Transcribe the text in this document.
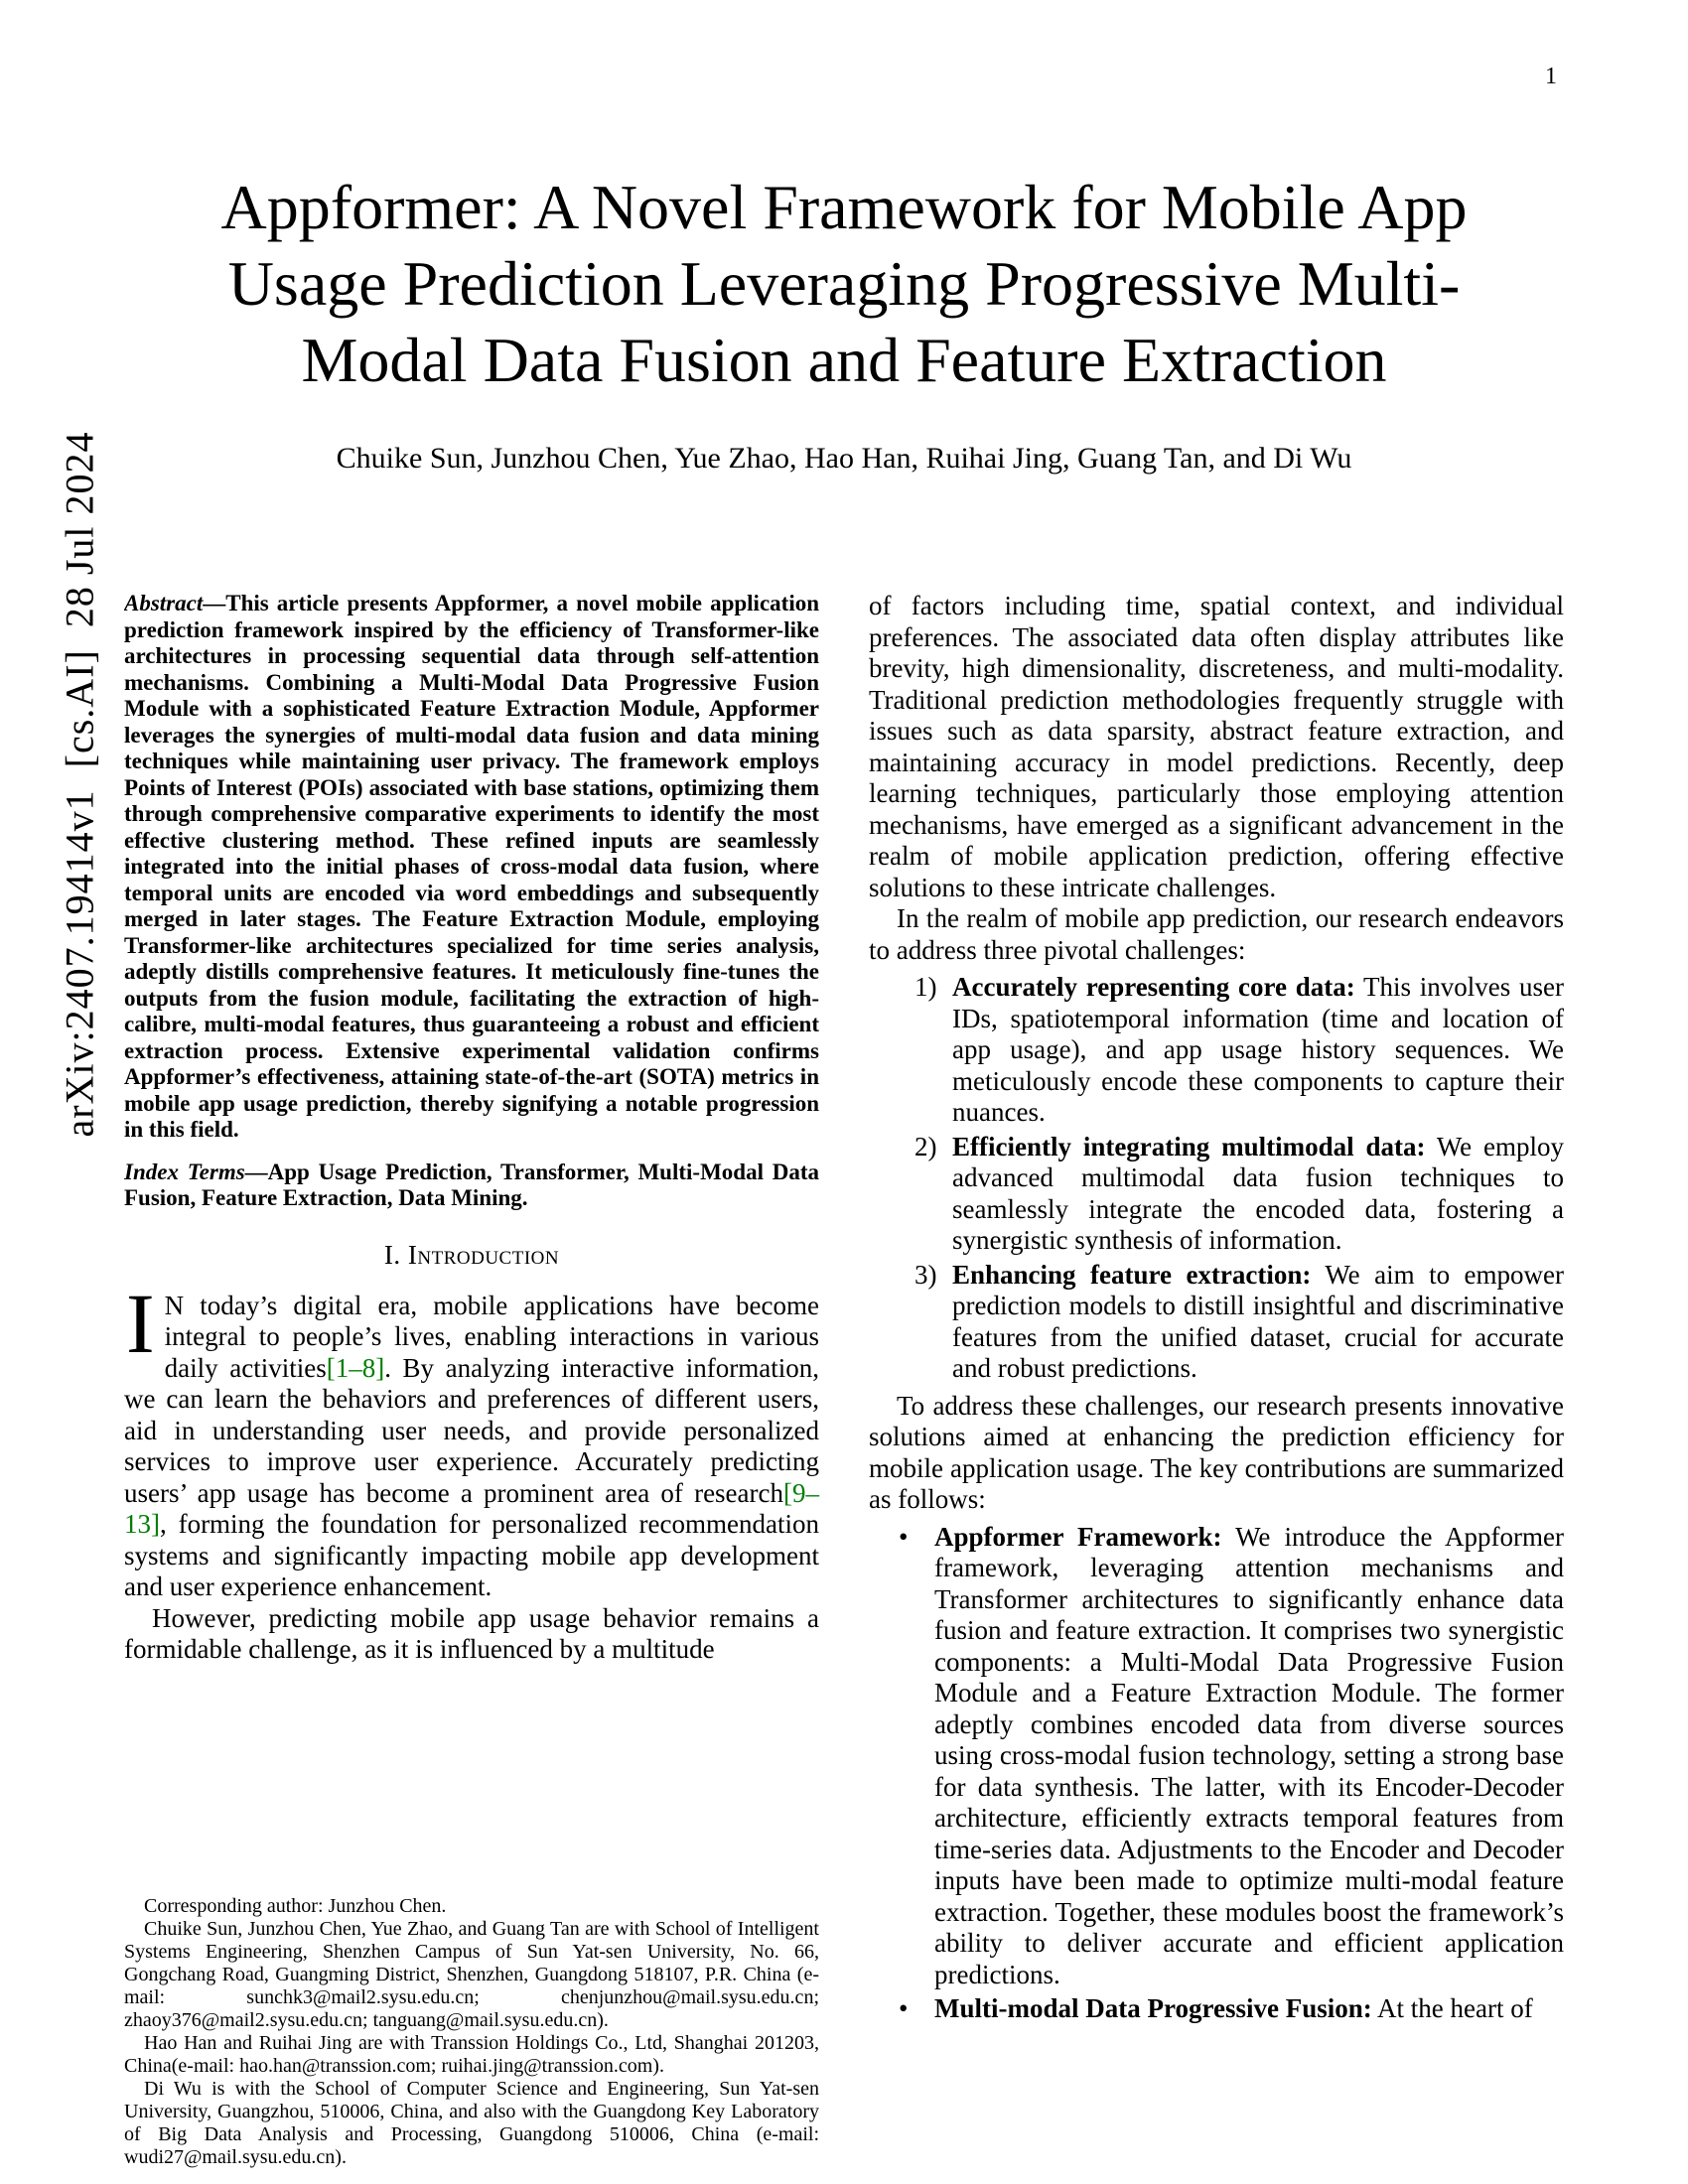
1
arXiv:2407.19414v1  [cs.AI]  28 Jul 2024
Appformer: A Novel Framework for Mobile App Usage Prediction Leveraging Progressive Multi-Modal Data Fusion and Feature Extraction
Chuike Sun, Junzhou Chen, Yue Zhao, Hao Han, Ruihai Jing, Guang Tan, and Di Wu

Abstract—This article presents Appformer, a novel mobile application prediction framework inspired by the efficiency of Transformer-like architectures in processing sequential data through self-attention mechanisms. Combining a Multi-Modal Data Progressive Fusion Module with a sophisticated Feature Extraction Module, Appformer leverages the synergies of multi-modal data fusion and data mining techniques while maintaining user privacy. The framework employs Points of Interest (POIs) associated with base stations, optimizing them through comprehensive comparative experiments to identify the most effective clustering method. These refined inputs are seamlessly integrated into the initial phases of cross-modal data fusion, where temporal units are encoded via word embeddings and subsequently merged in later stages. The Feature Extraction Module, employing Transformer-like architectures specialized for time series analysis, adeptly distills comprehensive features. It meticulously fine-tunes the outputs from the fusion module, facilitating the extraction of high-calibre, multi-modal features, thus guaranteeing a robust and efficient extraction process. Extensive experimental validation confirms Appformer’s effectiveness, attaining state-of-the-art (SOTA) metrics in mobile app usage prediction, thereby signifying a notable progression in this field.

Index Terms—App Usage Prediction, Transformer, Multi-Modal Data Fusion, Feature Extraction, Data Mining.

I. Introduction

I N today’s digital era, mobile applications have become integral to people’s lives, enabling interactions in various daily activities[1–8]. By analyzing interactive information, we can learn the behaviors and preferences of different users, aid in understanding user needs, and provide personalized services to improve user experience. Accurately predicting users’ app usage has become a prominent area of research[9–13], forming the foundation for personalized recommendation systems and significantly impacting mobile app development and user experience enhancement.

However, predicting mobile app usage behavior remains a formidable challenge, as it is influenced by a multitude

Corresponding author: Junzhou Chen.

Chuike Sun, Junzhou Chen, Yue Zhao, and Guang Tan are with School of Intelligent Systems Engineering, Shenzhen Campus of Sun Yat-sen University, No. 66, Gongchang Road, Guangming District, Shenzhen, Guangdong 518107, P.R. China (e-mail: sunchk3@mail2.sysu.edu.cn; chenjunzhou@mail.sysu.edu.cn; zhaoy376@mail2.sysu.edu.cn; tanguang@mail.sysu.edu.cn).

Hao Han and Ruihai Jing are with Transsion Holdings Co., Ltd, Shanghai 201203, China(e-mail: hao.han@transsion.com; ruihai.jing@transsion.com).

Di Wu is with the School of Computer Science and Engineering, Sun Yat-sen University, Guangzhou, 510006, China, and also with the Guangdong Key Laboratory of Big Data Analysis and Processing, Guangdong 510006, China (e-mail: wudi27@mail.sysu.edu.cn).

of factors including time, spatial context, and individual preferences. The associated data often display attributes like brevity, high dimensionality, discreteness, and multi-modality. Traditional prediction methodologies frequently struggle with issues such as data sparsity, abstract feature extraction, and maintaining accuracy in model predictions. Recently, deep learning techniques, particularly those employing attention mechanisms, have emerged as a significant advancement in the realm of mobile application prediction, offering effective solutions to these intricate challenges.

In the realm of mobile app prediction, our research endeavors to address three pivotal challenges:

1) Accurately representing core data: This involves user IDs, spatiotemporal information (time and location of app usage), and app usage history sequences. We meticulously encode these components to capture their nuances.
2) Efficiently integrating multimodal data: We employ advanced multimodal data fusion techniques to seamlessly integrate the encoded data, fostering a synergistic synthesis of information.
3) Enhancing feature extraction: We aim to empower prediction models to distill insightful and discriminative features from the unified dataset, crucial for accurate and robust predictions.

To address these challenges, our research presents innovative solutions aimed at enhancing the prediction efficiency for mobile application usage. The key contributions are summarized as follows:

• Appformer Framework: We introduce the Appformer framework, leveraging attention mechanisms and Transformer architectures to significantly enhance data fusion and feature extraction. It comprises two synergistic components: a Multi-Modal Data Progressive Fusion Module and a Feature Extraction Module. The former adeptly combines encoded data from diverse sources using cross-modal fusion technology, setting a strong base for data synthesis. The latter, with its Encoder-Decoder architecture, efficiently extracts temporal features from time-series data. Adjustments to the Encoder and Decoder inputs have been made to optimize multi-modal feature extraction. Together, these modules boost the framework’s ability to deliver accurate and efficient application predictions.
• Multi-modal Data Progressive Fusion: At the heart of
